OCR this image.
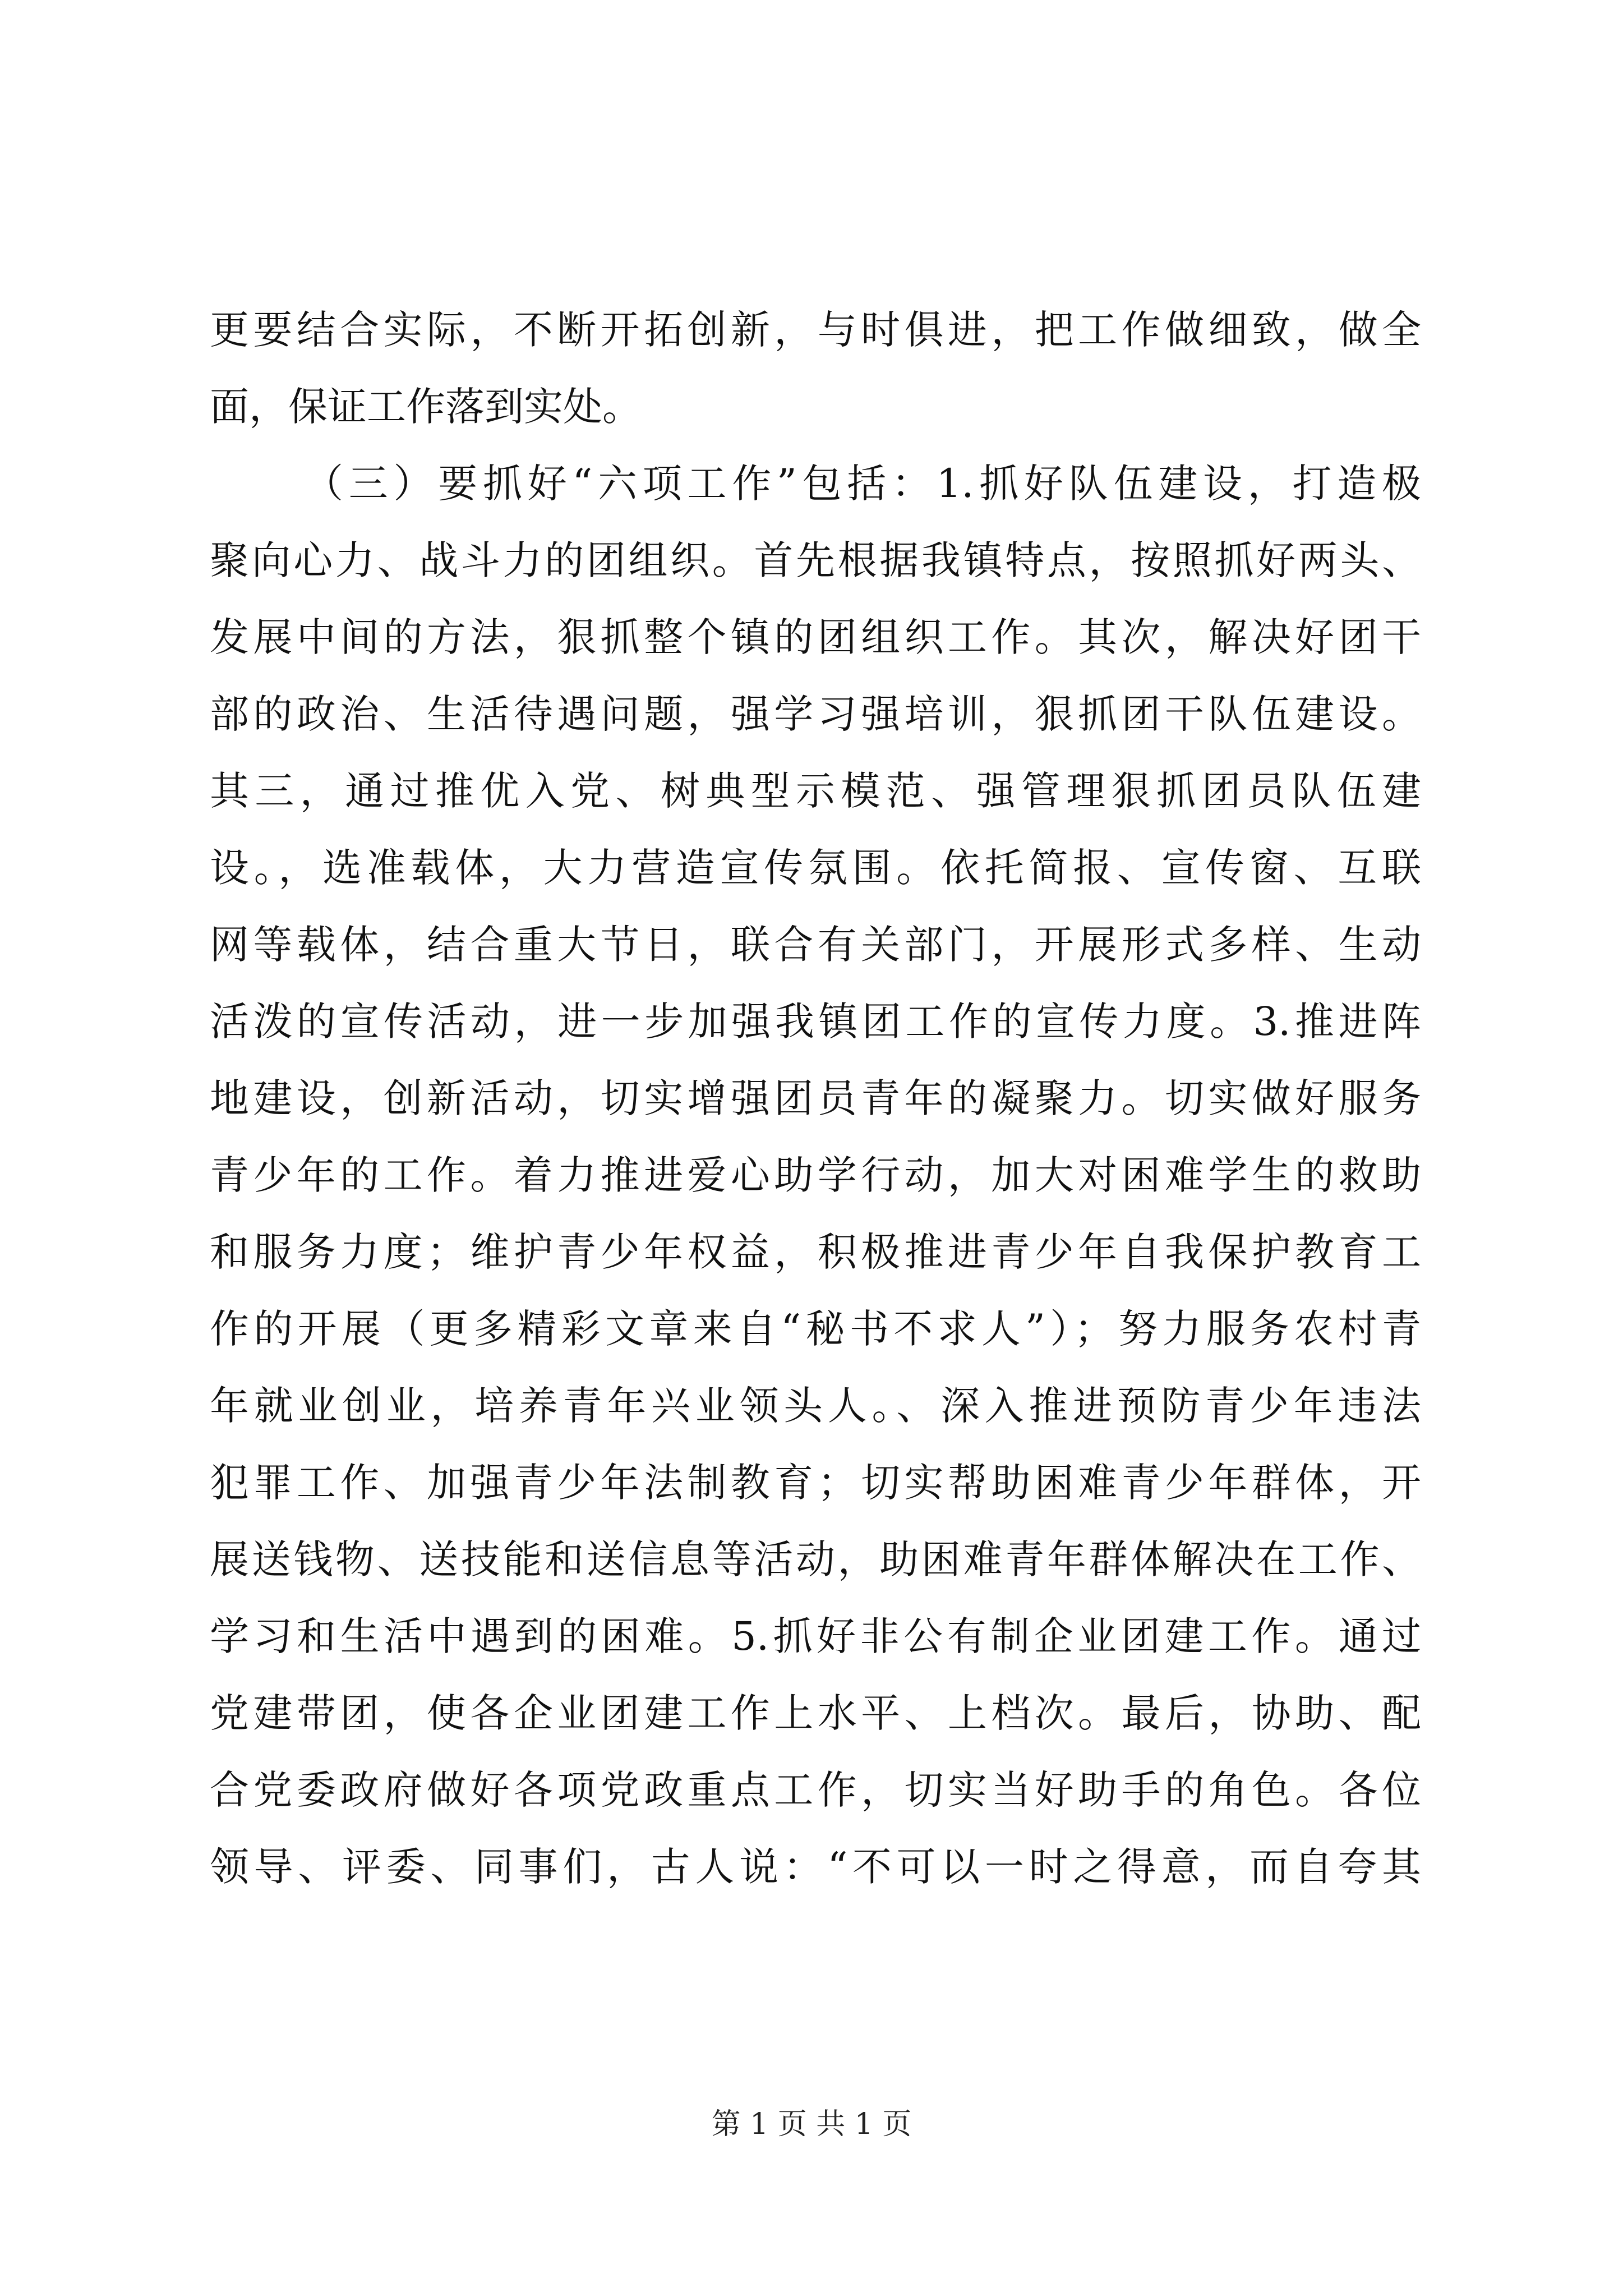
更要结合实际，不断开拓创新，与时俱进，把工作做细致，做全
面，保证工作落到实处。
（三）要抓好“六项工作”包括：1.抓好队伍建设，打造极
聚向心力、战斗力的团组织。首先根据我镇特点，按照抓好两头、
发展中间的方法，狠抓整个镇的团组织工作。其次，解决好团干
部的政治、生活待遇问题，强学习强培训，狠抓团干队伍建设。
其三，通过推优入党、树典型示模范、强管理狠抓团员队伍建
设。，选准载体，大力营造宣传氛围。依托简报、宣传窗、互联
网等载体，结合重大节日，联合有关部门，开展形式多样、生动
活泼的宣传活动，进一步加强我镇团工作的宣传力度。3.推进阵
地建设，创新活动，切实增强团员青年的凝聚力。切实做好服务
青少年的工作。着力推进爱心助学行动，加大对困难学生的救助
和服务力度；维护青少年权益，积极推进青少年自我保护教育工
作的开展（更多精彩文章来自“秘书不求人”）；努力服务农村青
年就业创业，培养青年兴业领头人。、深入推进预防青少年违法
犯罪工作、加强青少年法制教育；切实帮助困难青少年群体，开
展送钱物、送技能和送信息等活动，助困难青年群体解决在工作、
学习和生活中遇到的困难。5.抓好非公有制企业团建工作。通过
党建带团，使各企业团建工作上水平、上档次。最后，协助、配
合党委政府做好各项党政重点工作，切实当好助手的角色。各位
领导、评委、同事们，古人说：“不可以一时之得意，而自夸其
第 1 页 共 1 页
